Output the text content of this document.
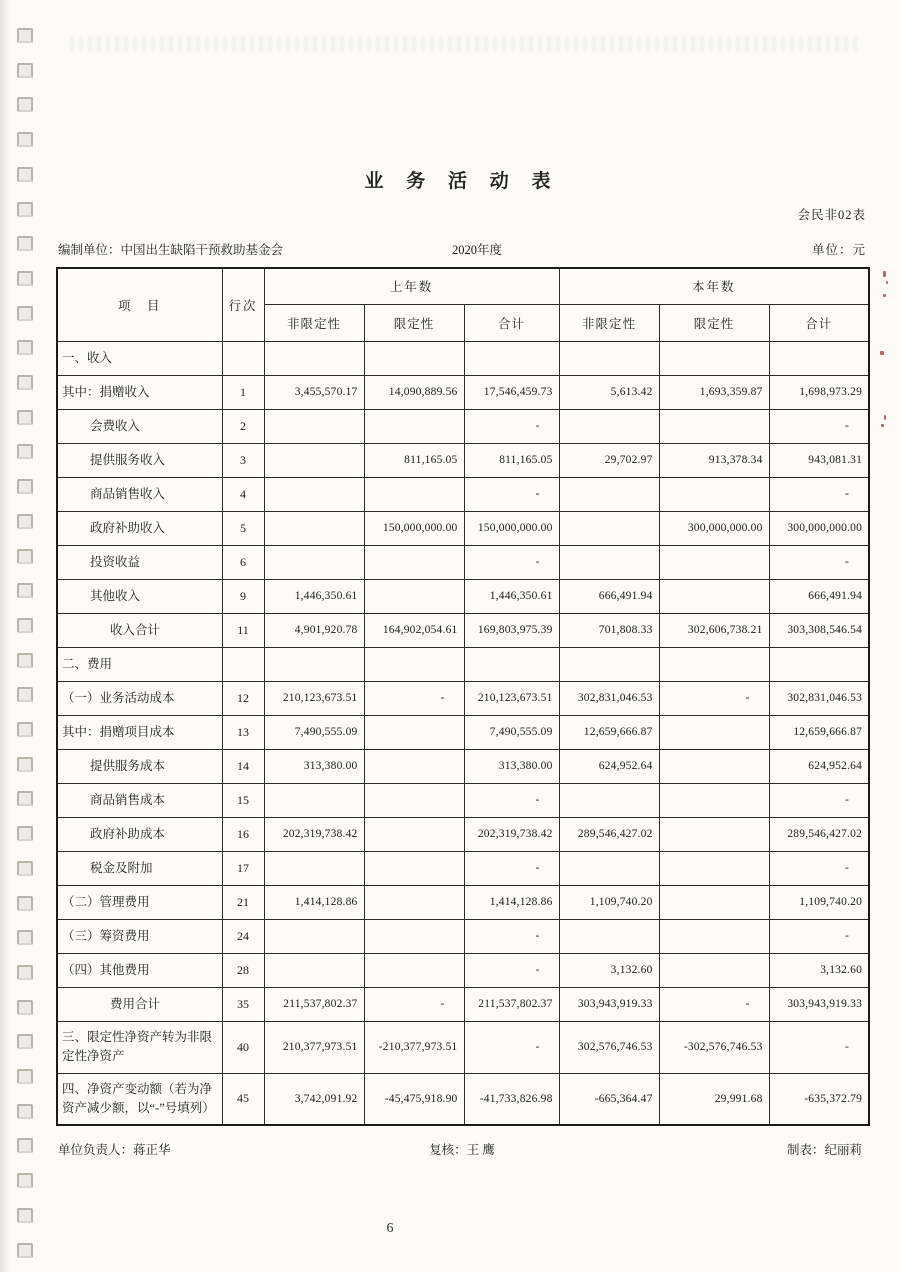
业 务 活 动 表
会民非02表
编制单位：中国出生缺陷干预救助基金会	2020年度	单位：元
项　目	行次	上年数			本年数		
		非限定性	限定性	合计	非限定性	限定性	合计
一、收入							
其中：捐赠收入	1	3,455,570.17	14,090,889.56	17,546,459.73	5,613.42	1,693,359.87	1,698,973.29
会费收入	2			-			-
提供服务收入	3		811,165.05	811,165.05	29,702.97	913,378.34	943,081.31
商品销售收入	4			-			-
政府补助收入	5		150,000,000.00	150,000,000.00		300,000,000.00	300,000,000.00
投资收益	6			-			-
其他收入	9	1,446,350.61		1,446,350.61	666,491.94		666,491.94
收入合计	11	4,901,920.78	164,902,054.61	169,803,975.39	701,808.33	302,606,738.21	303,308,546.54
二、费用							
（一）业务活动成本	12	210,123,673.51	-	210,123,673.51	302,831,046.53	-	302,831,046.53
其中：捐赠项目成本	13	7,490,555.09		7,490,555.09	12,659,666.87		12,659,666.87
提供服务成本	14	313,380.00		313,380.00	624,952.64		624,952.64
商品销售成本	15			-			-
政府补助成本	16	202,319,738.42		202,319,738.42	289,546,427.02		289,546,427.02
税金及附加	17			-			-
（二）管理费用	21	1,414,128.86		1,414,128.86	1,109,740.20		1,109,740.20
（三）筹资费用	24			-			-
（四）其他费用	28			-	3,132.60		3,132.60
费用合计	35	211,537,802.37	-	211,537,802.37	303,943,919.33	-	303,943,919.33
三、限定性净资产转为非限定性净资产	40	210,377,973.51	-210,377,973.51	-	302,576,746.53	-302,576,746.53	-
四、净资产变动额（若为净资产减少额，以“-”号填列）	45	3,742,091.92	-45,475,918.90	-41,733,826.98	-665,364.47	29,991.68	-635,372.79
单位负责人：蒋正华	复核：王 鹰	制表：纪丽莉
6
